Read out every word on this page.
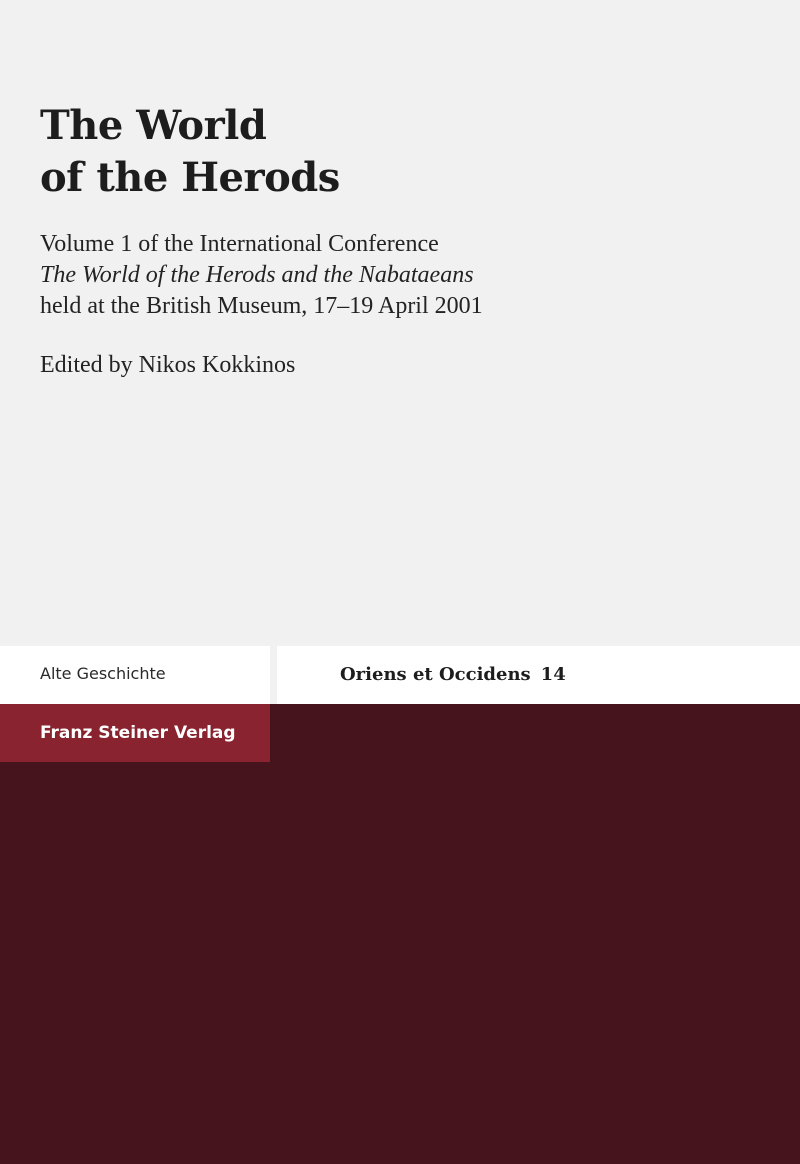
The World
of the Herods
Volume 1 of the International Conference
The World of the Herods and the Nabataeans
held at the British Museum, 17–19 April 2001
Edited by Nikos Kokkinos
Alte Geschichte	Oriens et Occidens 14
Franz Steiner Verlag
